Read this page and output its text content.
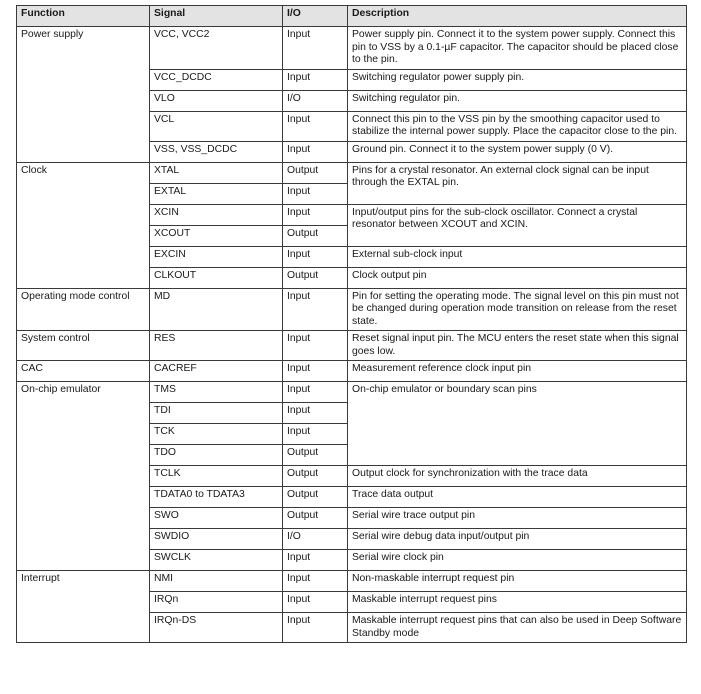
Function	Signal	I/O	Description
Power supply	VCC, VCC2	Input	Power supply pin. Connect it to the system power supply. Connect this pin to VSS by a 0.1-µF capacitor. The capacitor should be placed close to the pin.
	VCC_DCDC	Input	Switching regulator power supply pin.
	VLO	I/O	Switching regulator pin.
	VCL	Input	Connect this pin to the VSS pin by the smoothing capacitor used to stabilize the internal power supply. Place the capacitor close to the pin.
	VSS, VSS_DCDC	Input	Ground pin. Connect it to the system power supply (0 V).
Clock	XTAL	Output	Pins for a crystal resonator. An external clock signal can be input through the EXTAL pin.
	EXTAL	Input	
	XCIN	Input	Input/output pins for the sub-clock oscillator. Connect a crystal resonator between XCOUT and XCIN.
	XCOUT	Output	
	EXCIN	Input	External sub-clock input
	CLKOUT	Output	Clock output pin
Operating mode control	MD	Input	Pin for setting the operating mode. The signal level on this pin must not be changed during operation mode transition on release from the reset state.
System control	RES	Input	Reset signal input pin. The MCU enters the reset state when this signal goes low.
CAC	CACREF	Input	Measurement reference clock input pin
On-chip emulator	TMS	Input	On-chip emulator or boundary scan pins
	TDI	Input	
	TCK	Input	
	TDO	Output	
	TCLK	Output	Output clock for synchronization with the trace data
	TDATA0 to TDATA3	Output	Trace data output
	SWO	Output	Serial wire trace output pin
	SWDIO	I/O	Serial wire debug data input/output pin
	SWCLK	Input	Serial wire clock pin
Interrupt	NMI	Input	Non-maskable interrupt request pin
	IRQn	Input	Maskable interrupt request pins
	IRQn-DS	Input	Maskable interrupt request pins that can also be used in Deep Software Standby mode
